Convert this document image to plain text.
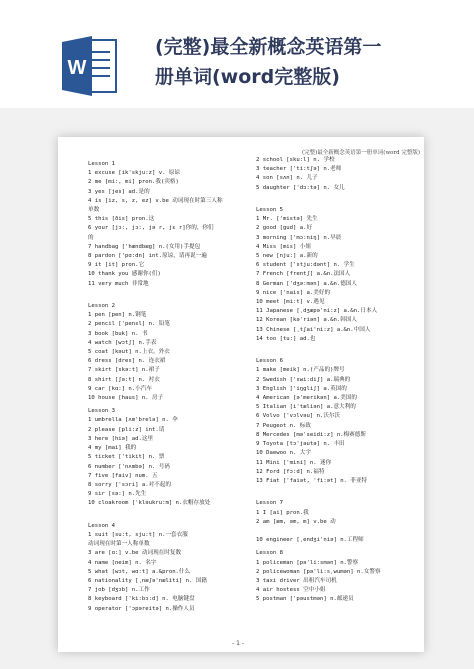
W
(完整)最全新概念英语第一
册单词(word完整版)
(完整)最全新概念英语第一册单词(word 完整版)
Lesson 1
1 excuse [ik'skju:z] v. 原谅
2 me [mi:, mi] pron.我(宾格)
3 yes [jes] ad.是的
4 is [iz, s, z, ez] v.be 动词现在时第三人称
单数
5 this [ðis] pron.这
6 your [jɔ:, jɔ:, jə r, jɛ r]你的，你们
的
7 handbag ['hændbæg] n.(女用)手提包
8 pardon ['pɑ:dn] int.原谅，请再说一遍
9 it [it] pron.它
10 thank you 感谢你(们)
11 very much 非常地

Lesson 2
1 pen [pen] n.钢笔
2 pencil ['pensl] n. 铅笔
3 book [buk] n. 书
4 watch [wɔtʃ] n.手表
5 coat [kəut] n.上衣，外衣
6 dress [dres] n. 连衣裙
7 skirt [skə:t] n.裙子
8 shirt [ʃə:t] n. 衬衣
9 car [kɑ:] n.小汽车
10 house [haus] n. 房子
Lesson 3
1 umbrella [ʌm'brelə] n. 伞
2 please [pli:z] int.请
3 here [hiə] ad.这里
4 my [mai] 我的
5 ticket ['tikit] n. 票
6 number ['nʌmbə] n. 号码
7 five [faiv] num. 五
8 sorry ['sɔri] a.对不起的
9 sir [sə:] n.先生
10 cloakroom ['kləukru:m] n.衣帽存放处

Lesson 4
1 suit [su:t, sju:t] n.一套衣服
动词现在时第一人称单数
3 are [ɑ:] v.be 动词现在时复数
4 name [neim] n. 名字
5 what [wɔt, wɑ:t] a.&pron.什么
6 nationality [ˌnæʃə'næliti] n. 国籍
7 job [dʒɔb] n.工作
8 keyboard ['ki:bɔ:d] n. 电脑键盘
9 operator ['ɔpəreitə] n.操作人员
2 school [sku:l] n. 学校
3 teacher ['ti:tʃə] n.老师
4 son [sʌn] n. 儿子
5 daughter ['dɔ:tə] n. 女儿

Lesson 5
1 Mr. ['mistə] 先生
2 good [gud] a.好
3 morning ['mɔ:niŋ] n.早晨
4 Miss [mis] 小姐
5 new [nju:] a.新的
6 student ['stju:dənt] n. 学生
7 French [frentʃ] a.&n.法国人
8 German ['dʒə:mən] a.&n.德国人
9 nice ['nais] a.美好的
10 meet [mi:t] v.遇见
11 Japanese [ˌdʒæpə'ni:z] a.&n.日本人
12 Korean [kə'riən] a.&n.韩国人
13 Chinese [ˌtʃai'ni:z] a.&n.中国人
14 too [tu:] ad.也

Lesson 6
1 make [meik] n.(产品的)牌号
2 Swedish ['swi:diʃ] a.瑞典的
3 English ['iŋgliʃ] a.英国的
4 American [ə'merikən] a.美国的
5 Italian [i'tæliən] a.意大利的
6 Volvo ['vɔlvəu] n.沃尔沃
7 Peugeot n. 标致
8 Mercedes [mə'seidi:z] n.梅赛德斯
9 Toyota [tɔ'jəutə] n. 丰田
10 Daewoo n. 大宇
11 Mini ['mini] n. 迷你
12 Ford [fɔ:d] n.福特
13 Fiat ['faiət, 'fi:ət] n. 菲亚特

Lesson 7
1 I [ai] pron.我
2 am [æm, əm, m] v.be 动

10 engineer [ˌendʒi'niə] n.工程师
Lesson 8
1 policeman [pə'li:smən] n.警察
2 policewoman [pə'li:sˌwumən] n.女警察
3 taxi driver 出租汽车司机
4 air hostess 空中小姐
5 postman ['pəustmən] n.邮递员
- 1 -
